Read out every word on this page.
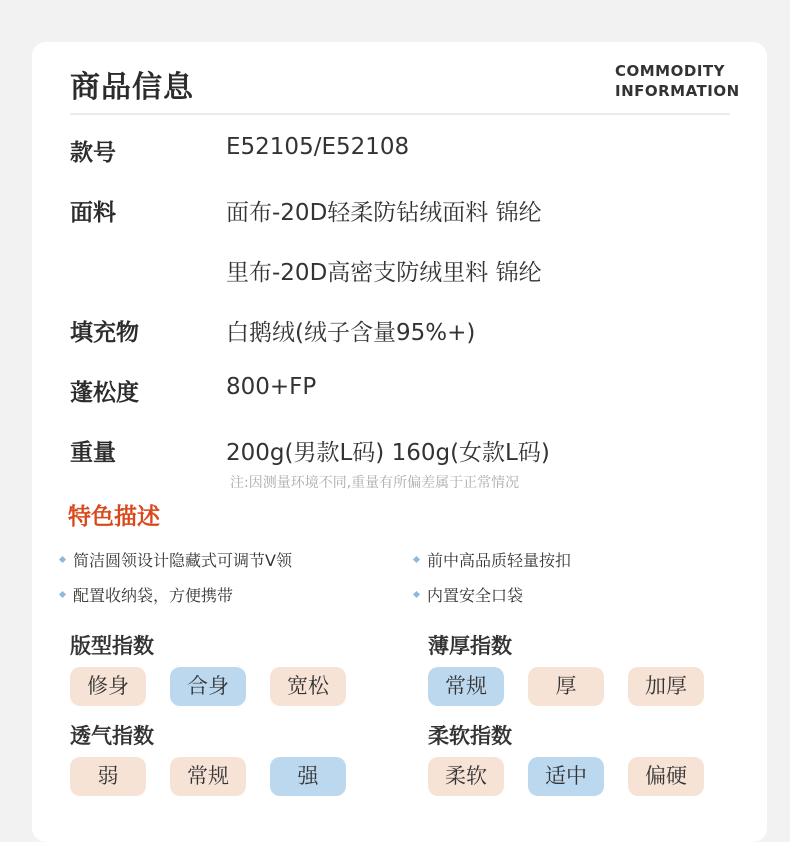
商品信息	COMMODITY
INFORMATION
款号	E52105/E52108
面料	面布-20D轻柔防钻绒面料 锦纶
里布-20D高密支防绒里料 锦纶
填充物	白鹅绒(绒子含量95%+)
蓬松度	800+FP
重量	200g(男款L码) 160g(女款L码)
注:因测量环境不同,重量有所偏差属于正常情况
特色描述
简洁圆领设计隐藏式可调节V领	前中高品质轻量按扣
配置收纳袋，方便携带	内置安全口袋
版型指数
修身	合身	宽松
薄厚指数
常规	厚	加厚
透气指数
弱	常规	强
柔软指数
柔软	适中	偏硬
